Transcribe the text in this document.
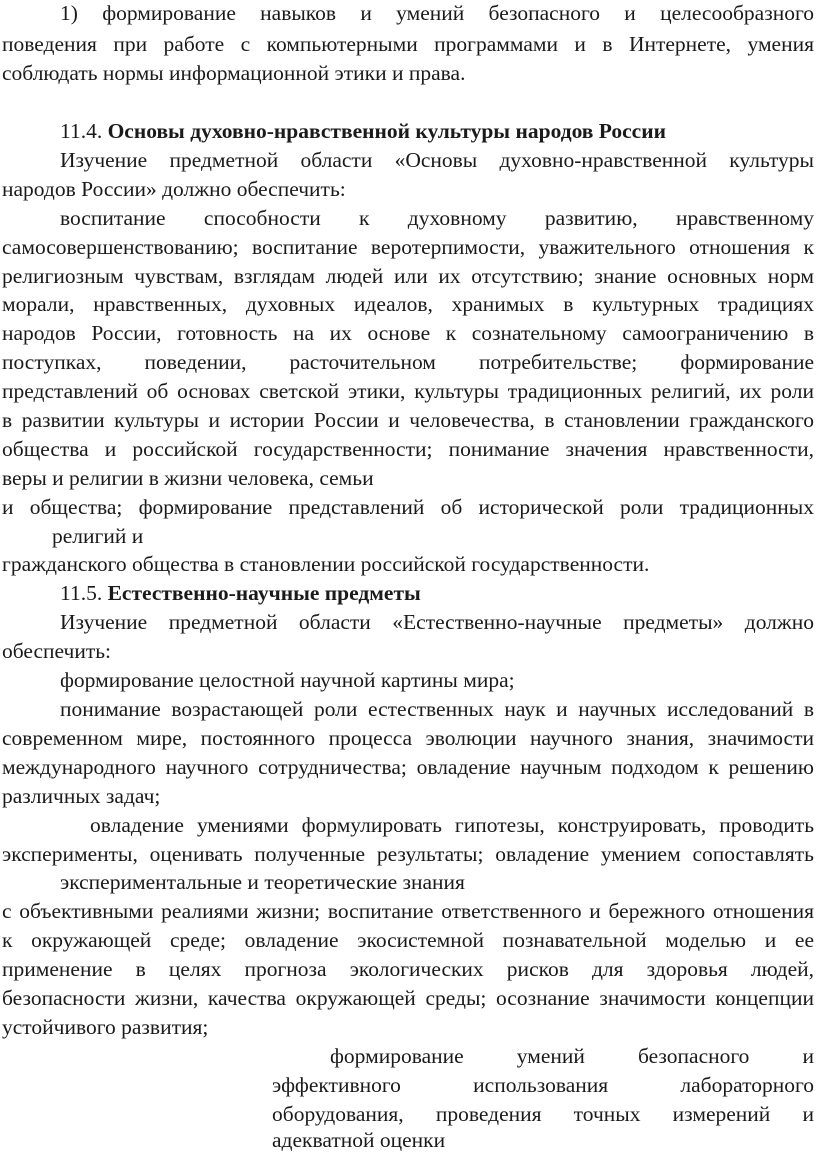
1) формирование навыков и умений безопасного и целесообразного
поведения при работе с компьютерными программами и в Интернете, умения
соблюдать нормы информационной этики и права.
11.4. Основы духовно-нравственной культуры народов России
Изучение предметной области «Основы духовно-нравственной культуры
народов России» должно обеспечить:
воспитание способности к духовному развитию, нравственному
самосовершенствованию; воспитание веротерпимости, уважительного отношения к
религиозным чувствам, взглядам людей или их отсутствию; знание основных норм
морали, нравственных, духовных идеалов, хранимых в культурных традициях
народов России, готовность на их основе к сознательному самоограничению в
поступках, поведении, расточительном потребительстве; формирование
представлений об основах светской этики, культуры традиционных религий, их роли
в развитии культуры и истории России и человечества, в становлении гражданского
общества и российской государственности; понимание значения нравственности,
веры и религии в жизни человека, семьи
и общества; формирование представлений об исторической роли традиционных
религий и
гражданского общества в становлении российской государственности.
11.5. Естественно-научные предметы
Изучение предметной области «Естественно-научные предметы» должно
обеспечить:
формирование целостной научной картины мира;
понимание возрастающей роли естественных наук и научных исследований в
современном мире, постоянного процесса эволюции научного знания, значимости
международного научного сотрудничества; овладение научным подходом к решению
различных задач;
овладение умениями формулировать гипотезы, конструировать, проводить
эксперименты, оценивать полученные результаты; овладение умением сопоставлять
экспериментальные и теоретические знания
с объективными реалиями жизни; воспитание ответственного и бережного отношения
к окружающей среде; овладение экосистемной познавательной моделью и ее
применение в целях прогноза экологических рисков для здоровья людей,
безопасности жизни, качества окружающей среды; осознание значимости концепции
устойчивого развития;
формирование умений безопасного и
эффективного использования лабораторного
оборудования, проведения точных измерений и
адекватной оценки
